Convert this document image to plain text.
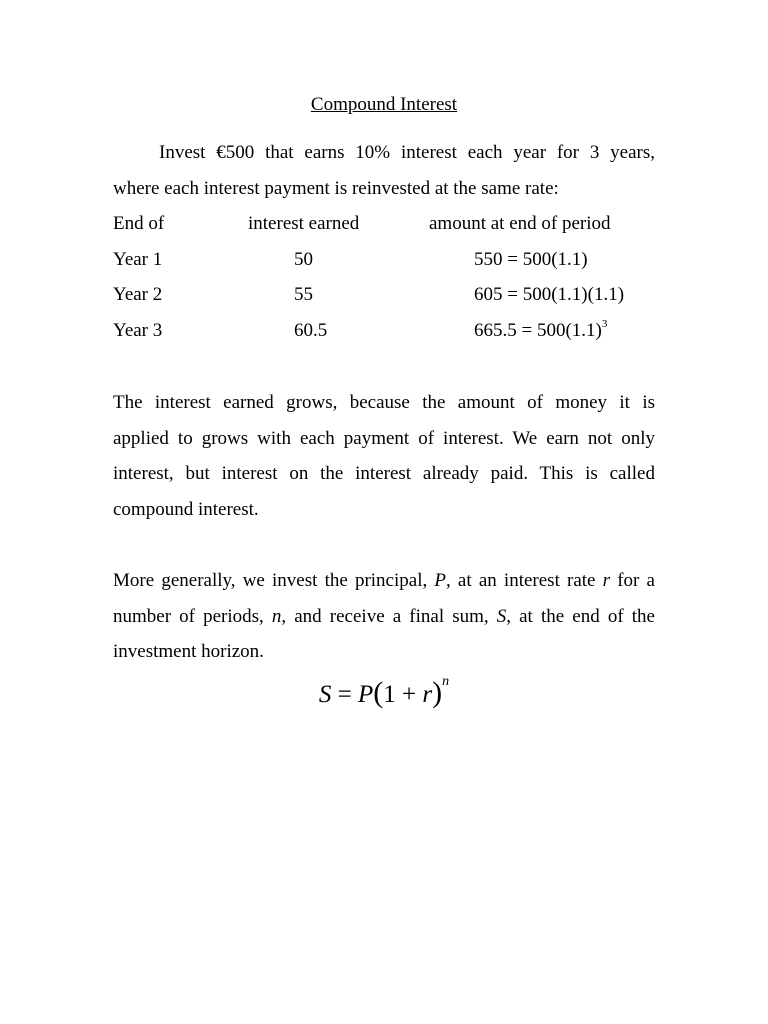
Compound Interest

Invest €500 that earns 10% interest each year for 3 years,
where each interest payment is reinvested at the same rate:

End of	interest earned	amount at end of period
Year 1	50	550 = 500(1.1)
Year 2	55	605 = 500(1.1)(1.1)
Year 3	60.5	$665.5 = 500(1.1)^3$

The interest earned grows, because the amount of money it is
applied to grows with each payment of interest. We earn not only
interest, but interest on the interest already paid. This is called
compound interest.

More generally, we invest the principal, P, at an interest rate r for a
number of periods, n, and receive a final sum, S, at the end of the
investment horizon.

$S = P(1 + r)^n$
